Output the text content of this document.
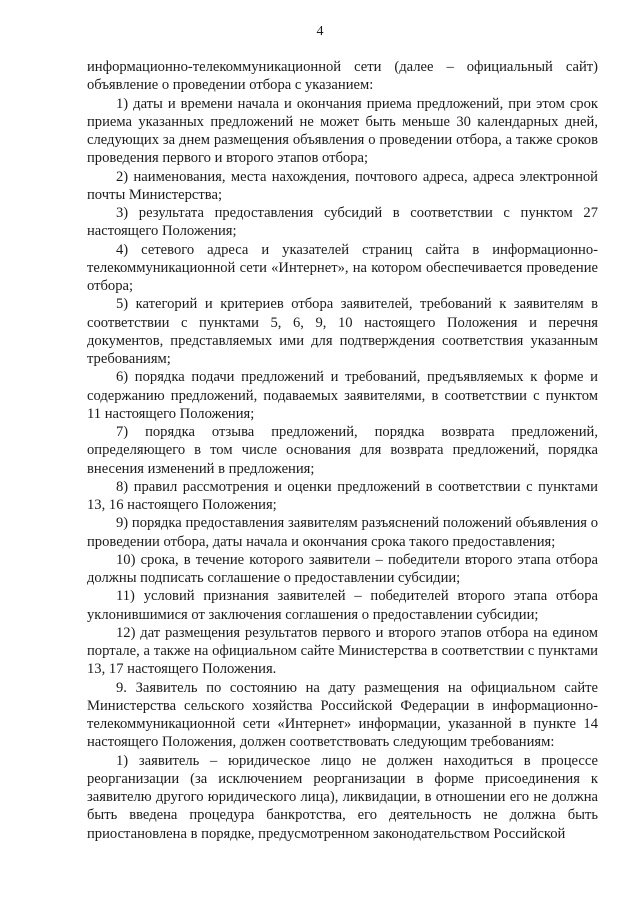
4

информационно-телекоммуникационной сети (далее – официальный сайт) объявление о проведении отбора с указанием:

1) даты и времени начала и окончания приема предложений, при этом срок приема указанных предложений не может быть меньше 30 календарных дней, следующих за днем размещения объявления о проведении отбора, а также сроков проведения первого и второго этапов отбора;

2) наименования, места нахождения, почтового адреса, адреса электронной почты Министерства;

3) результата предоставления субсидий в соответствии с пунктом 27 настоящего Положения;

4) сетевого адреса и указателей страниц сайта в информационно-телекоммуникационной сети «Интернет», на котором обеспечивается проведение отбора;

5) категорий и критериев отбора заявителей, требований к заявителям в соответствии с пунктами 5, 6, 9, 10 настоящего Положения и перечня документов, представляемых ими для подтверждения соответствия указанным требованиям;

6) порядка подачи предложений и требований, предъявляемых к форме и содержанию предложений, подаваемых заявителями, в соответствии с пунктом 11 настоящего Положения;

7) порядка отзыва предложений, порядка возврата предложений, определяющего в том числе основания для возврата предложений, порядка внесения изменений в предложения;

8) правил рассмотрения и оценки предложений в соответствии с пунктами 13, 16 настоящего Положения;

9) порядка предоставления заявителям разъяснений положений объявления о проведении отбора, даты начала и окончания срока такого предоставления;

10) срока, в течение которого заявители – победители второго этапа отбора должны подписать соглашение о предоставлении субсидии;

11) условий признания заявителей – победителей второго этапа отбора уклонившимися от заключения соглашения о предоставлении субсидии;

12) дат размещения результатов первого и второго этапов отбора на едином портале, а также на официальном сайте Министерства в соответствии с пунктами 13, 17 настоящего Положения.

9. Заявитель по состоянию на дату размещения на официальном сайте Министерства сельского хозяйства Российской Федерации в информационно-телекоммуникационной сети «Интернет» информации, указанной в пункте 14 настоящего Положения, должен соответствовать следующим требованиям:

1) заявитель – юридическое лицо не должен находиться в процессе реорганизации (за исключением реорганизации в форме присоединения к заявителю другого юридического лица), ликвидации, в отношении его не должна быть введена процедура банкротства, его деятельность не должна быть приостановлена в порядке, предусмотренном законодательством Российской
